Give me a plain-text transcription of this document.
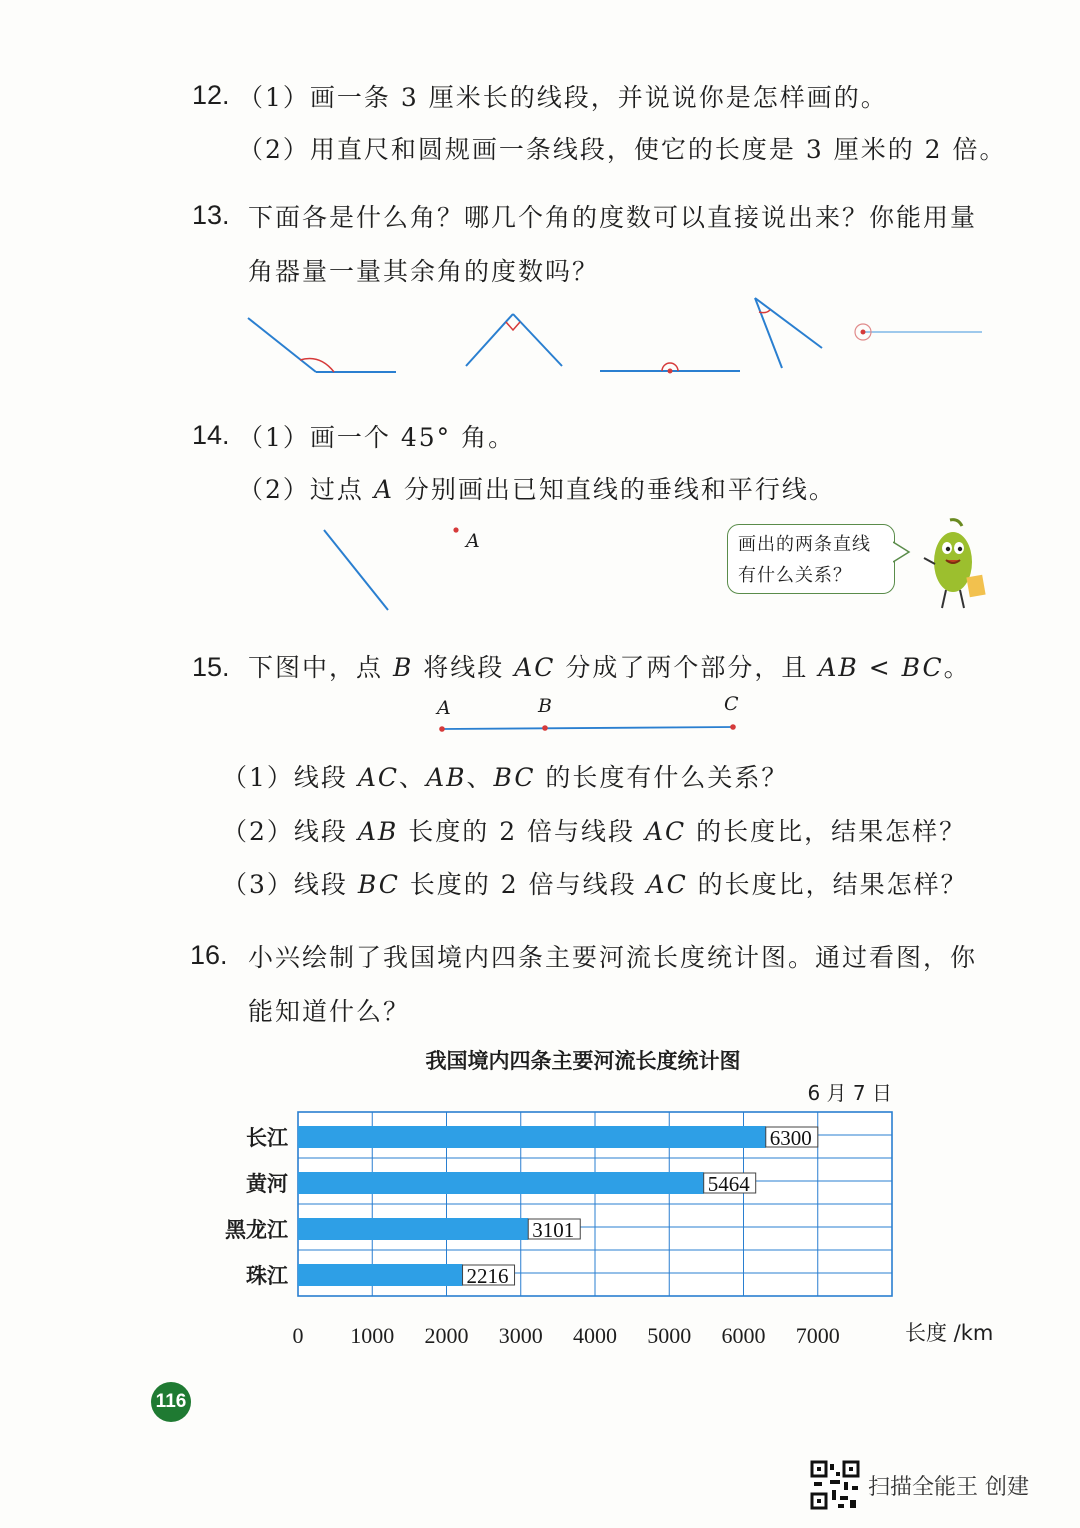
12. （1）画一条 3 厘米长的线段，并说说你是怎样画的。
（2）用直尺和圆规画一条线段，使它的长度是 3 厘米的 2 倍。
13. 下面各是什么角？哪几个角的度数可以直接说出来？你能用量
角器量一量其余角的度数吗？
14. （1）画一个 45° 角。
（2）过点 A 分别画出已知直线的垂线和平行线。
A	画出的两条直线
有什么关系？
15. 下图中，点 B 将线段 AC 分成了两个部分，且 AB < BC。
A	B	C
（1）线段 AC、AB、BC 的长度有什么关系？
（2）线段 AB 长度的 2 倍与线段 AC 的长度比，结果怎样？
（3）线段 BC 长度的 2 倍与线段 AC 的长度比，结果怎样？
16. 小兴绘制了我国境内四条主要河流长度统计图。通过看图，你
能知道什么？
我国境内四条主要河流长度统计图
6 月 7 日
6300
5464
3101
2216
长江
黄河
黑龙江
珠江
0 1000 2000 3000 4000 5000 6000 7000	长度 /km
116
扫描全能王 创建
